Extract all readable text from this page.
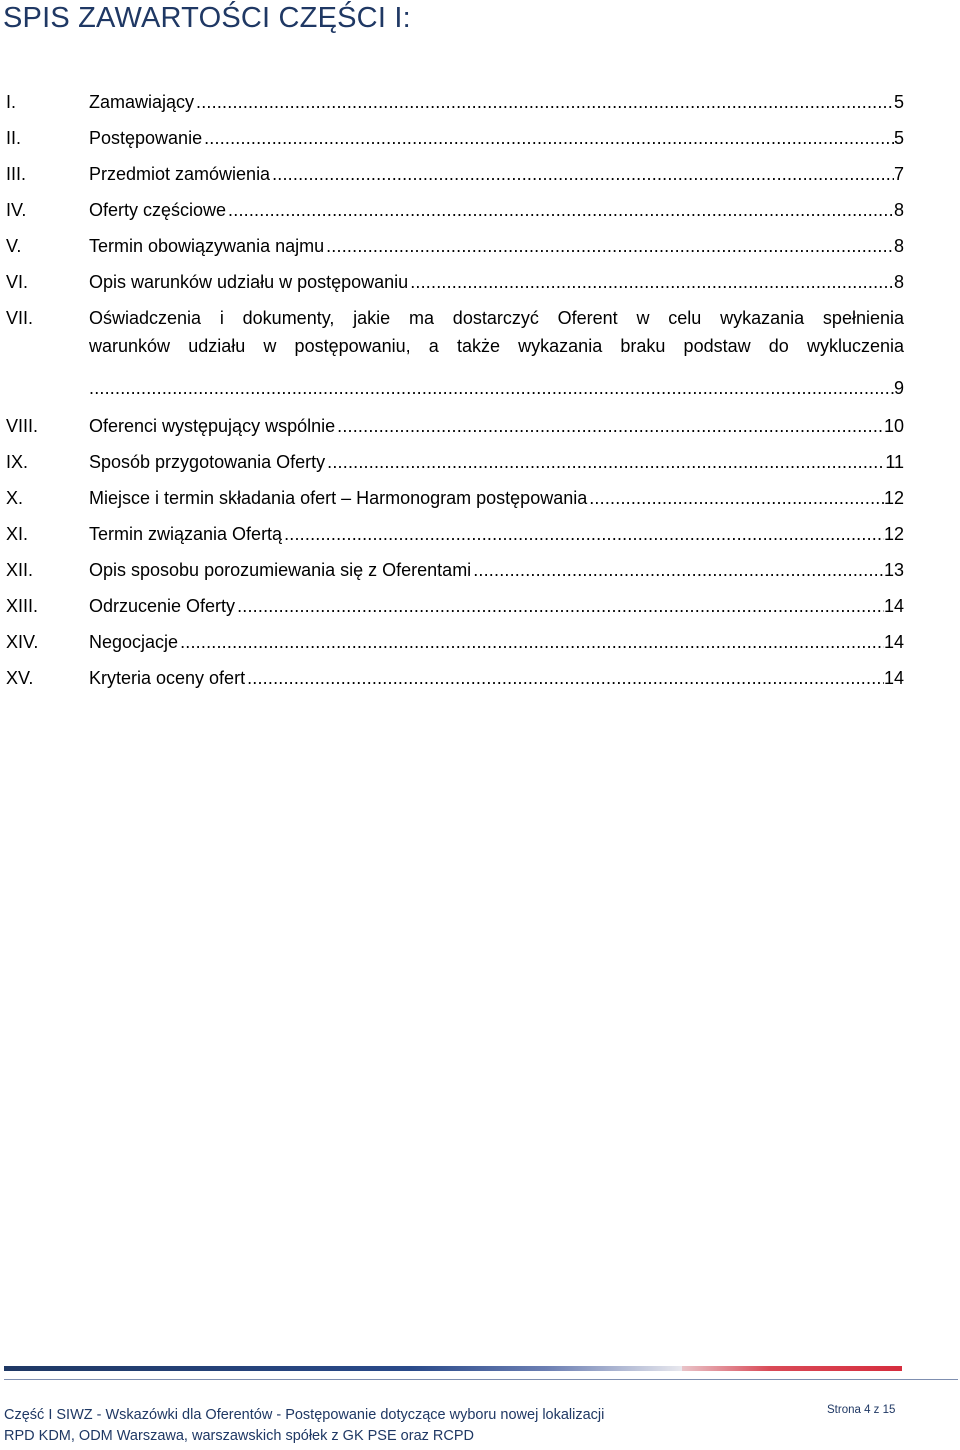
SPIS ZAWARTOŚCI CZĘŚCI I:
I.	Zamawiający .....	5
II.	Postępowanie .....	5
III.	Przedmiot zamówienia .....	7
IV.	Oferty częściowe .....	8
V.	Termin obowiązywania najmu .....	8
VI.	Opis warunków udziału w postępowaniu .....	8
VII.	Oświadczenia i dokumenty, jakie ma dostarczyć Oferent w celu wykazania spełnienia
warunków udziału w postępowaniu, a także wykazania braku podstaw do wykluczenia
.....
9
VIII.	Oferenci występujący wspólnie .....	10
IX.	Sposób przygotowania Oferty .....	11
X.	Miejsce i termin składania ofert – Harmonogram postępowania .....	12
XI.	Termin związania Ofertą .....	12
XII.	Opis sposobu porozumiewania się z Oferentami .....	13
XIII.	Odrzucenie Oferty .....	14
XIV.	Negocjacje .....	14
XV.	Kryteria oceny ofert .....	14
Część I SIWZ - Wskazówki dla Oferentów - Postępowanie dotyczące wyboru nowej lokalizacji
RPD KDM, ODM Warszawa, warszawskich spółek z GK PSE oraz RCPD
Strona 4 z 15
